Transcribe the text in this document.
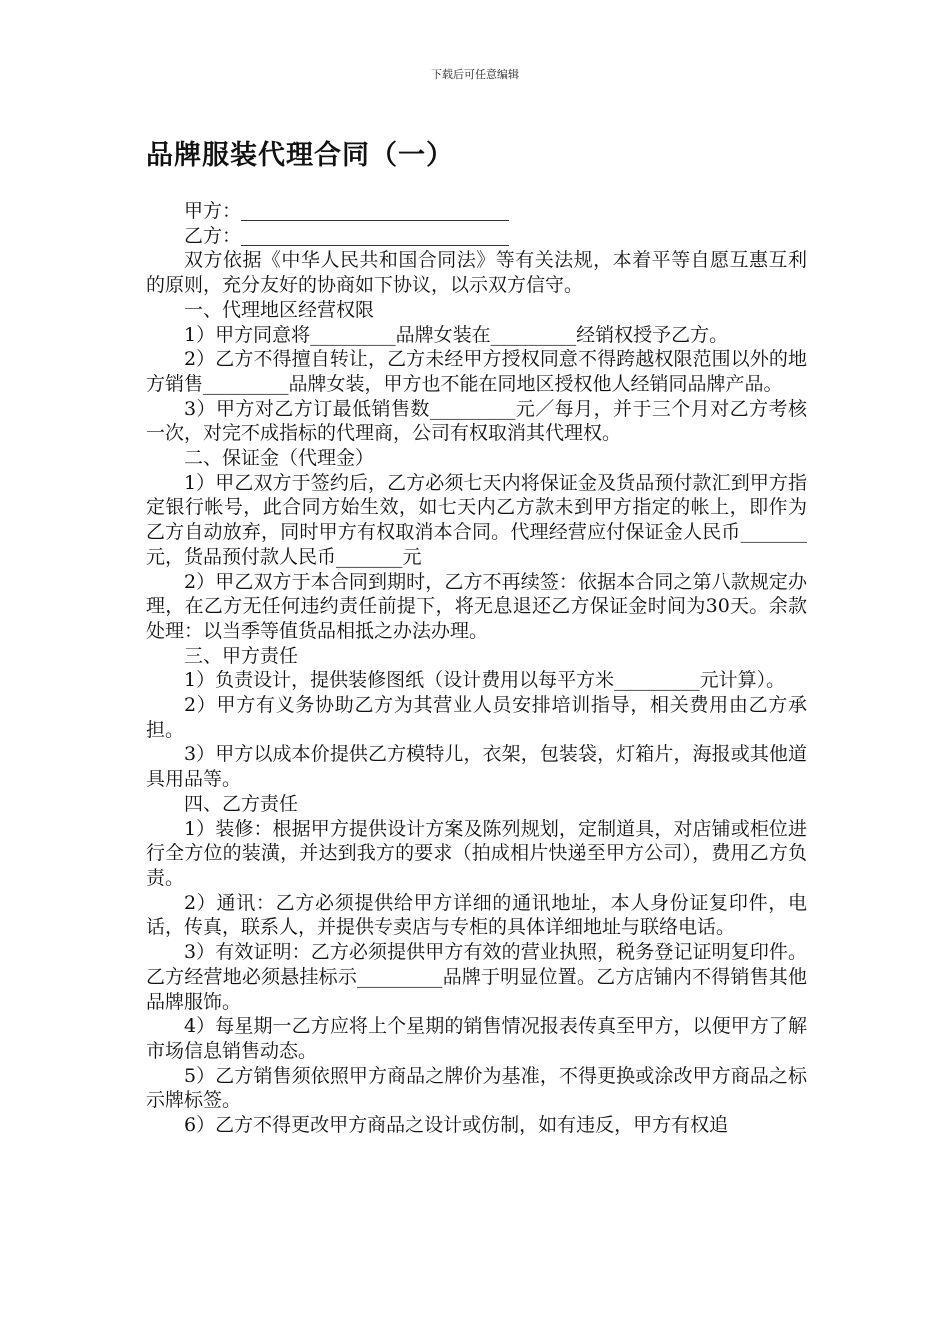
下载后可任意编辑
品牌服装代理合同（一）

甲方：

乙方：

双方依据《中华人民共和国合同法》等有关法规，本着平等自愿互惠互利的原则，充分友好的协商如下协议，以示双方信守。

一、代理地区经营权限

1）甲方同意将_________品牌女装在_________经销权授予乙方。

2）乙方不得擅自转让，乙方未经甲方授权同意不得跨越权限范围以外的地方销售_________品牌女装，甲方也不能在同地区授权他人经销同品牌产品。

3）甲方对乙方订最低销售数_________元／每月，并于三个月对乙方考核一次，对完不成指标的代理商，公司有权取消其代理权。

二、保证金（代理金）

1）甲乙双方于签约后，乙方必须七天内将保证金及货品预付款汇到甲方指定银行帐号，此合同方始生效，如七天内乙方款未到甲方指定的帐上，即作为乙方自动放弃，同时甲方有权取消本合同。代理经营应付保证金人民币_______元，货品预付款人民币_______元

2）甲乙双方于本合同到期时，乙方不再续签：依据本合同之第八款规定办理，在乙方无任何违约责任前提下，将无息退还乙方保证金时间为30天。余款处理：以当季等值货品相抵之办法办理。

三、甲方责任

1）负责设计，提供装修图纸（设计费用以每平方米_________元计算）。

2）甲方有义务协助乙方为其营业人员安排培训指导，相关费用由乙方承担。

3）甲方以成本价提供乙方模特儿，衣架，包装袋，灯箱片，海报或其他道具用品等。

四、乙方责任

1）装修：根据甲方提供设计方案及陈列规划，定制道具，对店铺或柜位进行全方位的装潢，并达到我方的要求（拍成相片快递至甲方公司），费用乙方负责。

2）通讯：乙方必须提供给甲方详细的通讯地址，本人身份证复印件，电话，传真，联系人，并提供专卖店与专柜的具体详细地址与联络电话。

3）有效证明：乙方必须提供甲方有效的营业执照，税务登记证明复印件。乙方经营地必须悬挂标示_________品牌于明显位置。乙方店铺内不得销售其他品牌服饰。

4）每星期一乙方应将上个星期的销售情况报表传真至甲方，以便甲方了解市场信息销售动态。

5）乙方销售须依照甲方商品之牌价为基准，不得更换或涂改甲方商品之标示牌标签。

6）乙方不得更改甲方商品之设计或仿制，如有违反，甲方有权追
